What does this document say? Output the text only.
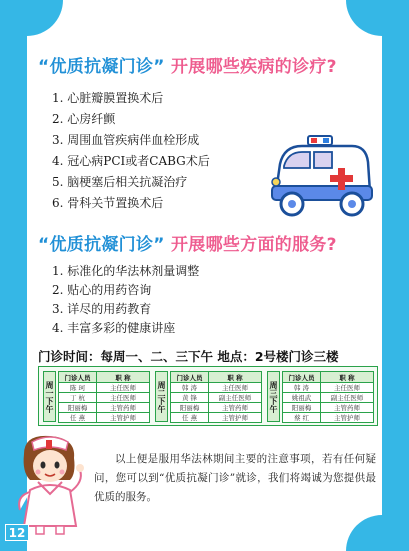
“优质抗凝门诊” 开展哪些疾病的诊疗?
1. 心脏瓣膜置换术后
2. 心房纤颤
3. 周围血管疾病伴血栓形成
4. 冠心病PCI或者CABG术后
5. 脑梗塞后相关抗凝治疗
6. 骨科关节置换术后
“优质抗凝门诊” 开展哪些方面的服务?
1. 标准化的华法林剂量调整
2. 贴心的用药咨询
3. 详尽的用药教育
4. 丰富多彩的健康讲座
门诊时间：每周一、二、三下午 地点：2号楼门诊三楼
周一下午
门诊人员	职 称
陈 珂	主任医师
丁 杭	主任医师
阳丽梅	主管药师
任 燕	主管护师
周二下午
门诊人员	职 称
韩 涛	主任医师
黄 锋	副主任医师
阳丽梅	主管药师
任 燕	主管护师
周三下午
门诊人员	职 称
韩 涛	主任医师
姚祖武	副主任医师
阳丽梅	主管药师
蔡 红	主管护师
以上便是服用华法林期间主要的注意事项，若有任何疑问，您可以到“优质抗凝门诊”就诊，我们将竭诚为您提供最优质的服务。
12
